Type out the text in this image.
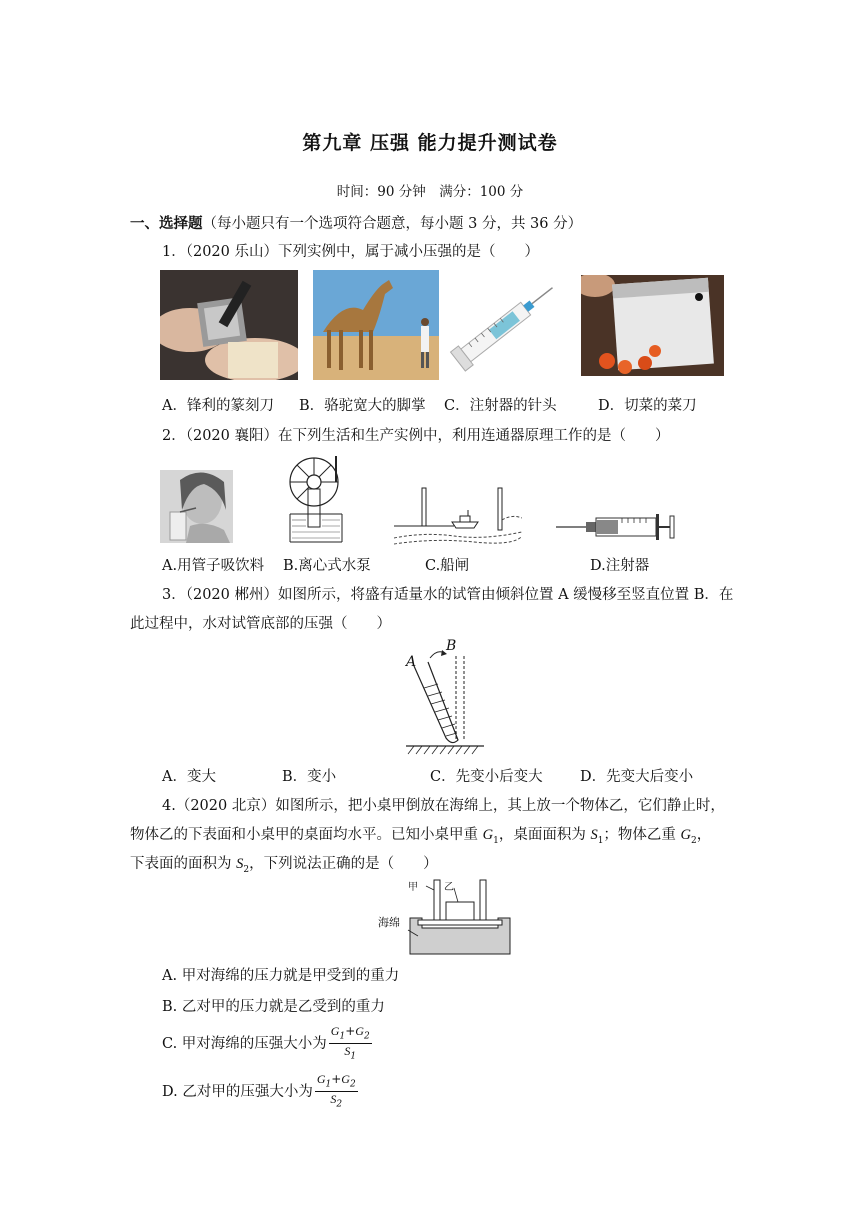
第九章 压强 能力提升测试卷
时间：90 分钟　满分：100 分
一、选择题（每小题只有一个选项符合题意，每小题 3 分，共 36 分）
1．（2020 乐山）下列实例中，属于减小压强的是（　　）
A．锋利的篆刻刀 B．骆驼宽大的脚掌 C．注射器的针头	D．切菜的菜刀
2．（2020 襄阳）在下列生活和生产实例中，利用连通器原理工作的是（　　）
A.用管子吸饮料 B.离心式水泵	C.船闸	D.注射器
3．（2020 郴州）如图所示，将盛有适量水的试管由倾斜位置 A 缓慢移至竖直位置 B．在
此过程中，水对试管底部的压强（　　）
A
B
A．变大	B．变小	C．先变小后变大	D．先变大后变小
4.（2020 北京）如图所示，把小桌甲倒放在海绵上，其上放一个物体乙，它们静止时，
物体乙的下表面和小桌甲的桌面均水平。已知小桌甲重 $G_1$，桌面面积为 $S_1$；物体乙重 $G_2$，
下表面的面积为 $S_2$，下列说法正确的是（　　）
甲	乙
海绵
A. 甲对海绵的压力就是甲受到的重力
B. 乙对甲的压力就是乙受到的重力
C. 甲对海绵的压强大小为 $\frac{G_1+G_2}{S_1}$
D. 乙对甲的压强大小为 $\frac{G_1+G_2}{S_2}$
